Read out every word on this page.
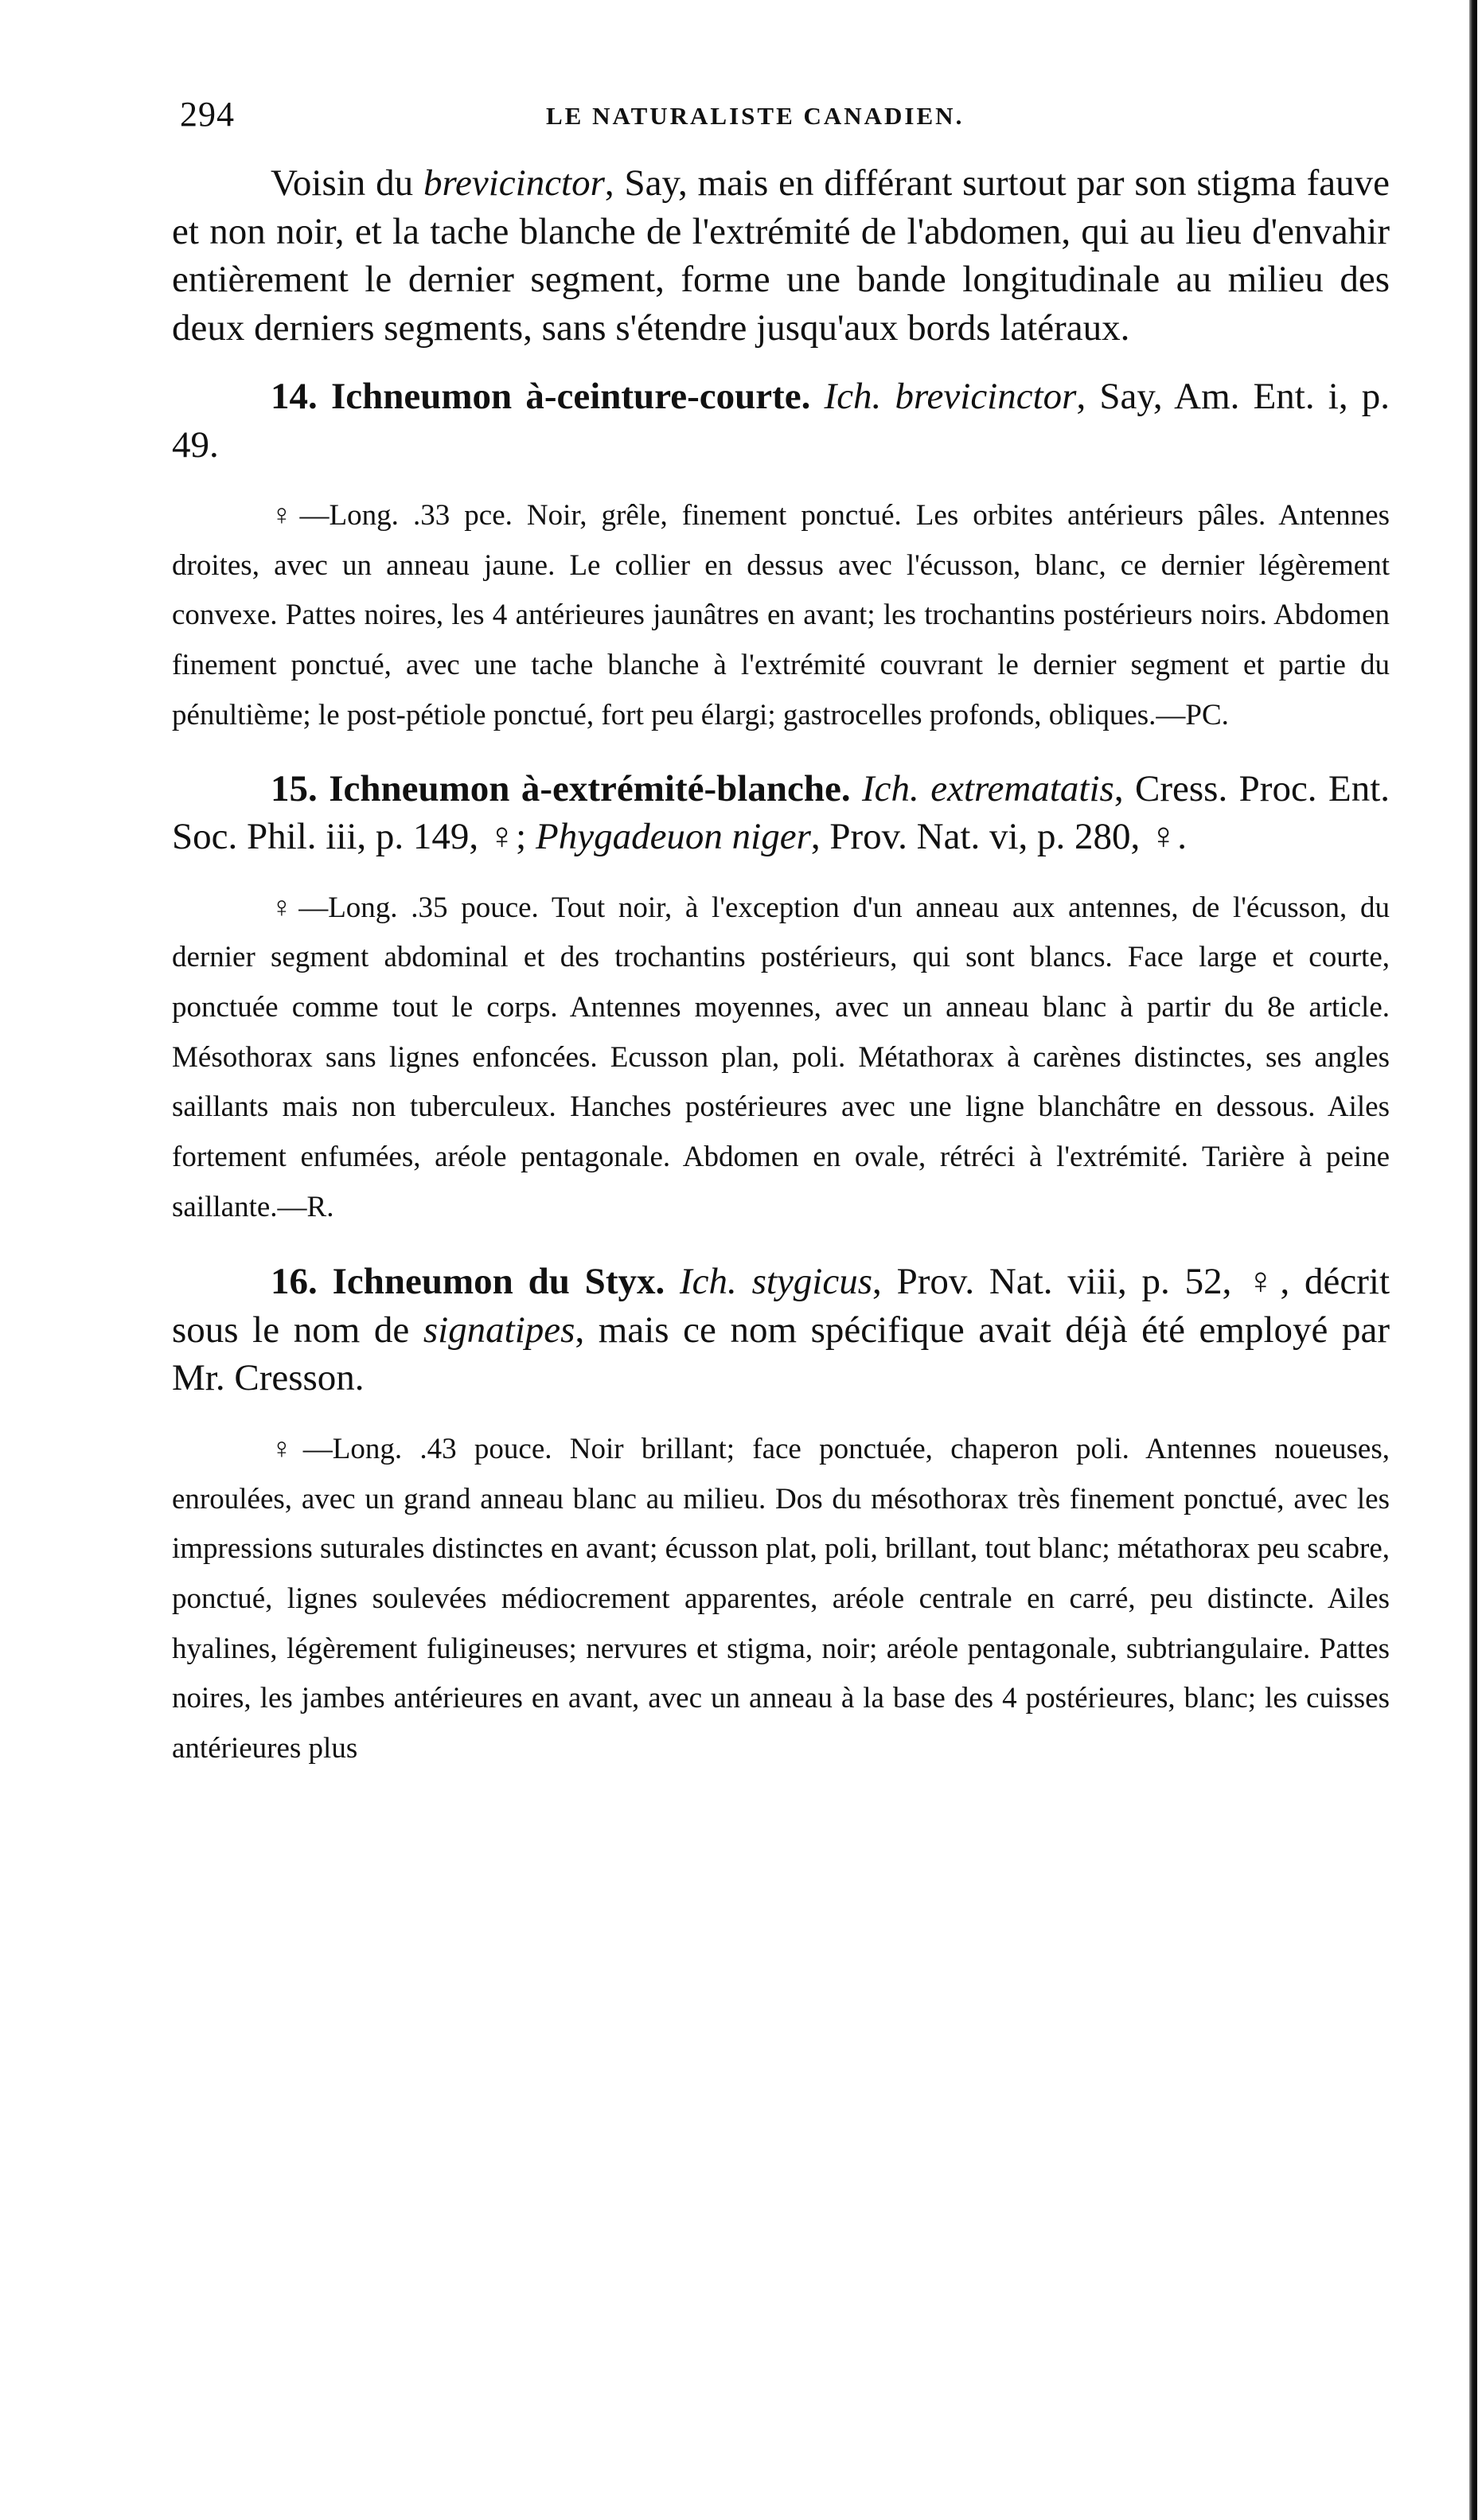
294	LE NATURALISTE CANADIEN.

Voisin du brevicinctor, Say, mais en différant surtout par son stigma fauve et non noir, et la tache blanche de l'extrémité de l'abdomen, qui au lieu d'envahir entièrement le dernier segment, forme une bande longitudinale au milieu des deux derniers segments, sans s'étendre jusqu'aux bords latéraux.

14. Ichneumon à-ceinture-courte. Ich. brevicinctor, Say, Am. Ent. i, p. 49.

♀—Long. .33 pce. Noir, grêle, finement ponctué. Les orbites antérieurs pâles. Antennes droites, avec un anneau jaune. Le collier en dessus avec l'écusson, blanc, ce dernier légèrement convexe. Pattes noires, les 4 antérieures jaunâtres en avant; les trochantins postérieurs noirs. Abdomen finement ponctué, avec une tache blanche à l'extrémité couvrant le dernier segment et partie du pénultième; le post-pétiole ponctué, fort peu élargi; gastrocelles profonds, obliques.—PC.

15. Ichneumon à-extrémité-blanche. Ich. extrematatis, Cress. Proc. Ent. Soc. Phil. iii, p. 149, ♀; Phygadeuon niger, Prov. Nat. vi, p. 280, ♀.

♀—Long. .35 pouce. Tout noir, à l'exception d'un anneau aux antennes, de l'écusson, du dernier segment abdominal et des trochantins postérieurs, qui sont blancs. Face large et courte, ponctuée comme tout le corps. Antennes moyennes, avec un anneau blanc à partir du 8e article. Mésothorax sans lignes enfoncées. Ecusson plan, poli. Métathorax à carènes distinctes, ses angles saillants mais non tuberculeux. Hanches postérieures avec une ligne blanchâtre en dessous. Ailes fortement enfumées, aréole pentagonale. Abdomen en ovale, rétréci à l'extrémité. Tarière à peine saillante.—R.

16. Ichneumon du Styx. Ich. stygicus, Prov. Nat. viii, p. 52, ♀, décrit sous le nom de signatipes, mais ce nom spécifique avait déjà été employé par Mr. Cresson.

♀—Long. .43 pouce. Noir brillant; face ponctuée, chaperon poli. Antennes noueuses, enroulées, avec un grand anneau blanc au milieu. Dos du mésothorax très finement ponctué, avec les impressions suturales distinctes en avant; écusson plat, poli, brillant, tout blanc; métathorax peu scabre, ponctué, lignes soulevées médiocrement apparentes, aréole centrale en carré, peu distincte. Ailes hyalines, légèrement fuligineuses; nervures et stigma, noir; aréole pentagonale, subtriangulaire. Pattes noires, les jambes antérieures en avant, avec un anneau à la base des 4 postérieures, blanc; les cuisses antérieures plus
